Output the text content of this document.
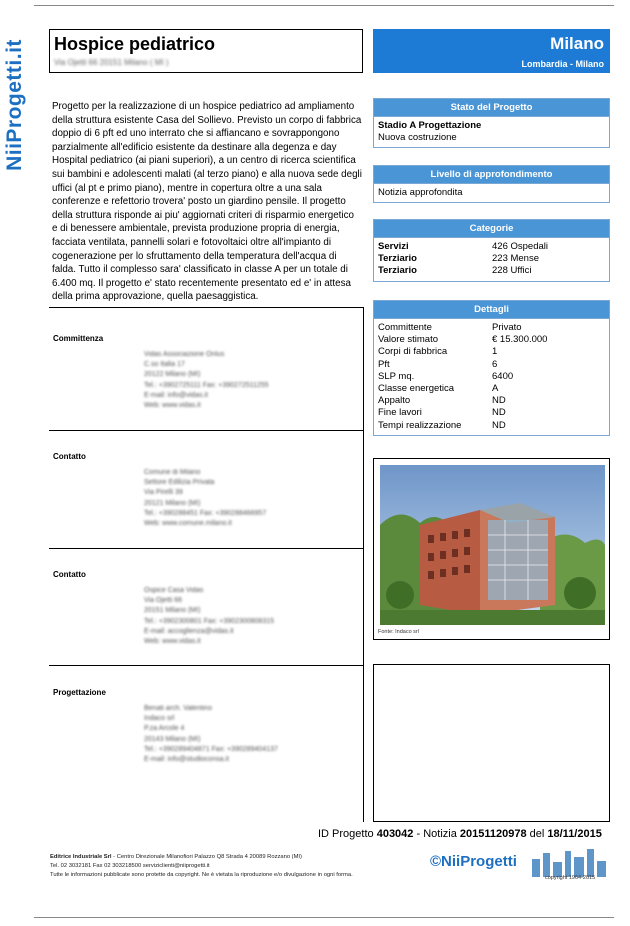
NiiProgetti.it Hospice pediatrico
Via Ojetti 66 20151 Milano ( MI )
Milano
Lombardia - Milano
Progetto per la realizzazione di un hospice pediatrico ad ampliamento della struttura esistente Casa del Sollievo. Previsto un corpo di fabbrica doppio di 6 pft ed uno interrato che si affiancano e sovrappongono parzialmente all'edificio esistente da destinare alla degenza e day Hospital pediatrico (ai piani superiori), a un centro di ricerca scientifica sui bambini e adolescenti malati (al terzo piano) e alla nuova sede degli uffici (al pt e primo piano), mentre in copertura oltre a una sala conferenze e refettorio trovera' posto un giardino pensile. Il progetto della struttura risponde ai piu' aggiornati criteri di risparmio energetico e di benessere ambientale, prevista produzione propria di energia, facciata ventilata, pannelli solari e fotovoltaici oltre all'impianto di cogenerazione per lo sfruttamento della temperatura dell'acqua di falda. Tutto il complesso sara' classificato in classe A per un totale di 6.400 mq. Il progetto e' stato recentemente presentato ed e' in attesa della prima approvazione, quella paesaggistica.
Committenza
Vidas Associazione Onlus
C.so Italia 17
20122 Milano (MI)
Tel.: +3902725111 Fax: +390272511255
E-mail: info@vidas.it
Web: www.vidas.it
Contatto
Comune di Milano
Settore Edilizia Privata
Via Pirelli 39
20121 Milano (MI)
Tel.: +390288451 Fax: +390288466957
Web: www.comune.milano.it
Contatto
Ospice Casa Vidas
Via Ojetti 66
20151 Milano (MI)
Tel.: +3902300801 Fax: +3902300808315
E-mail: accoglienza@vidas.it
Web: www.vidas.it
Progettazione
Benati arch. Valentino
Indaco srl
P.za Arcole 4
20143 Milano (MI)
Tel.: +390289404871 Fax: +390289404137
E-mail: info@studioconsa.it
Stato del Progetto
Stadio A Progettazione
Nuova costruzione
Livello di approfondimento
Notizia approfondita
Categorie
Servizi	426 Ospedali
Terziario	223 Mense
Terziario	228 Uffici
Dettagli
Committente	Privato
Valore stimato	€ 15.300.000
Corpi di fabbrica	1
Pft	6
SLP mq.	6400
Classe energetica	A
Appalto	ND
Fine lavori	ND
Tempi realizzazione	ND
Fonte: Indaco srl
ID Progetto 403042 - Notizia 20151120978 del 18/11/2015
Editrice Industriale Srl - Centro Direzionale Milanofiori Palazzo Q8 Strada 4 20089 Rozzano (MI)
Tel. 02 3032181 Fax 02 303218500 serviziclienti@niiprogetti.it
Tutte le informazioni pubblicate sono protette da copyright. Ne è vietata la riproduzione e/o divulgazione in ogni forma.
©NiiProgetti
copyright 1964-2015
